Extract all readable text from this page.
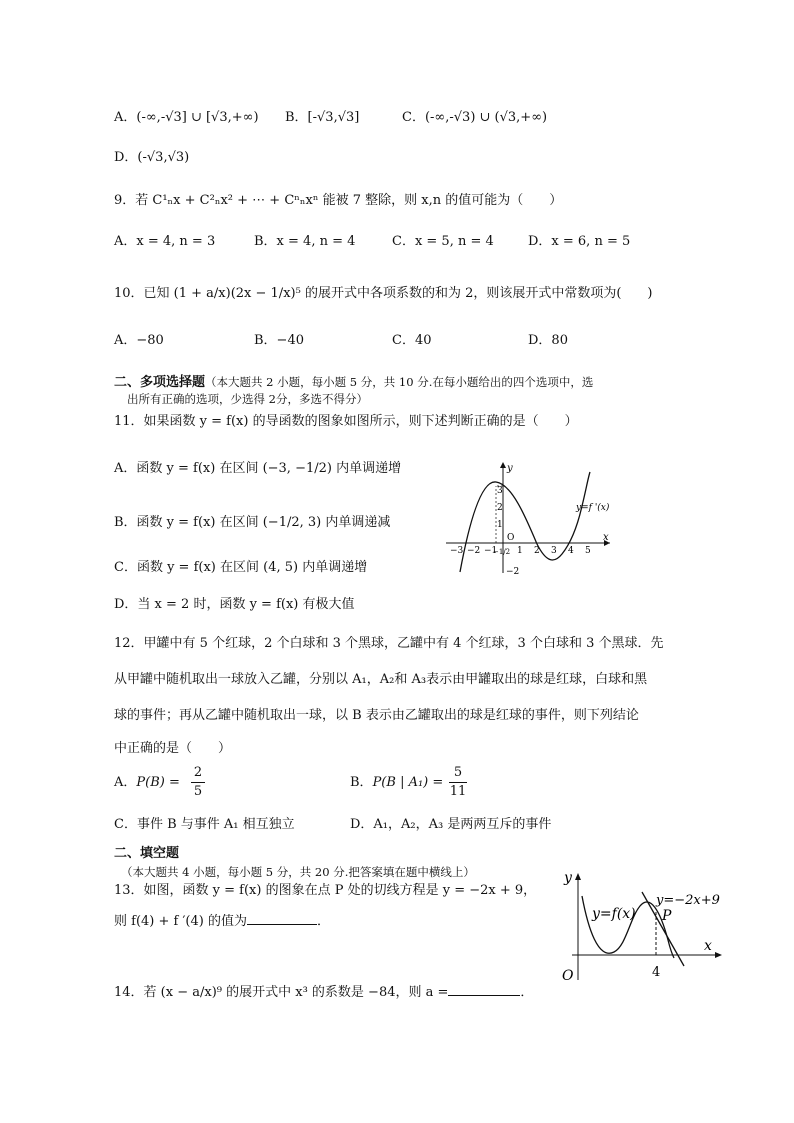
A．(-∞,-√3] ∪ [√3,+∞) B．[-√3,√3]	C．(-∞,-√3) ∪ (√3,+∞)
D．(-√3,√3)
9．若 C¹ₙx + C²ₙx² + ⋯ + Cⁿₙxⁿ 能被 7 整除，则 x,n 的值可能为（　　）
A．x = 4, n = 3	B．x = 4, n = 4	C．x = 5, n = 4	D．x = 6, n = 5
10．已知 (1 + a/x)(2x − 1/x)⁵ 的展开式中各项系数的和为 2，则该展开式中常数项为(　　)
A．−80	B．−40	C．40	D．80
二、多项选择题（本大题共 2 小题，每小题 5 分，共 10 分.在每小题给出的四个选项中，选
出所有正确的选项，少选得 2分，多选不得分）
11．如果函数 y = f(x) 的导函数的图象如图所示，则下述判断正确的是（　　）
A．函数 y = f(x) 在区间 (−3, −1/2) 内单调递增
B．函数 y = f(x) 在区间 (−1/2, 3) 内单调递减
C．函数 y = f(x) 在区间 (4, 5) 内单调递增
D．当 x = 2 时，函数 y = f(x) 有极大值
y
x
O
−3 −2 −1 1 2 3 4 5
−1/2
3
2
1
−2
y=f '(x)
12．甲罐中有 5 个红球，2 个白球和 3 个黑球，乙罐中有 4 个红球，3 个白球和 3 个黑球．先
从甲罐中随机取出一球放入乙罐，分别以 A₁，A₂和 A₃表示由甲罐取出的球是红球，白球和黑
球的事件；再从乙罐中随机取出一球，以 B 表示由乙罐取出的球是红球的事件，则下列结论
中正确的是（　　）
A．P(B) =
2
5
B．P(B | A₁) =
5
11
C．事件 B 与事件 A₁ 相互独立	D．A₁，A₂，A₃ 是两两互斥的事件
二、填空题
（本大题共 4 小题，每小题 5 分，共 20 分.把答案填在题中横线上）
13．如图，函数 y = f(x) 的图象在点 P 处的切线方程是 y = −2x + 9，
则 f(4) + f ′(4) 的值为	．
y
x
O	4
y=f(x) P
y=−2x+9
14．若 (x − a/x)⁹ 的展开式中 x³ 的系数是 −84，则 a =	．
